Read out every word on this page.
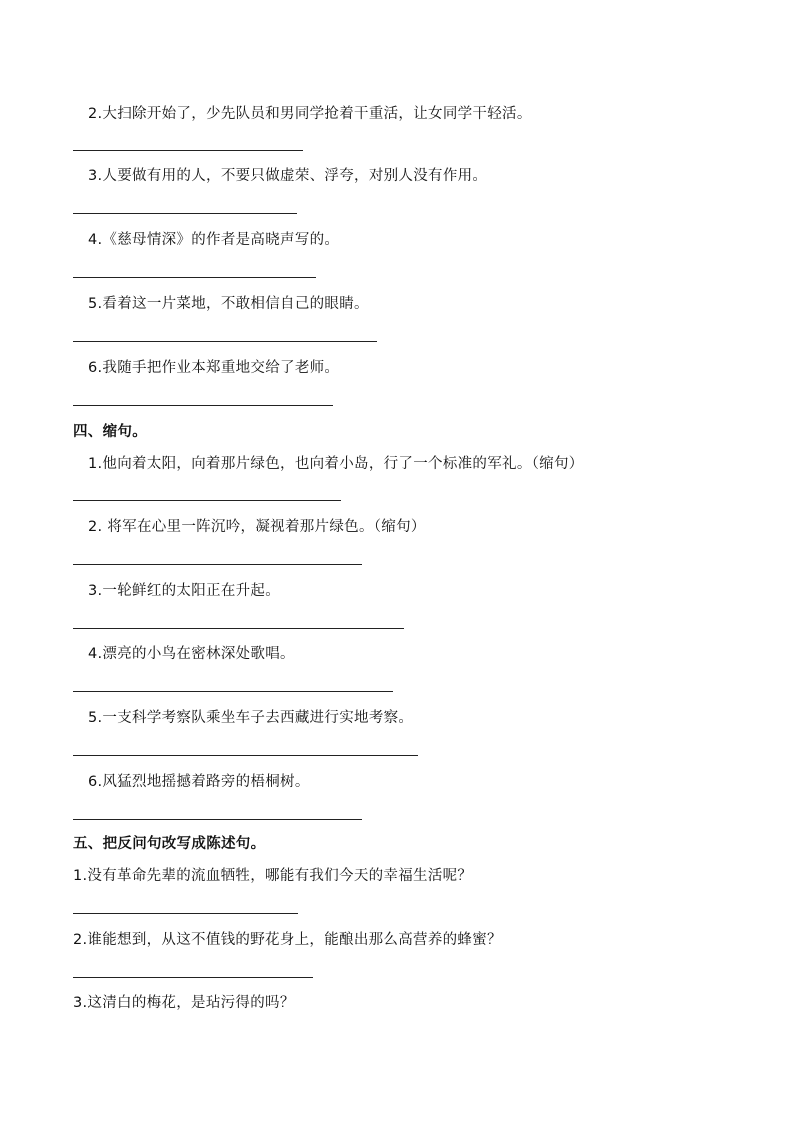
2.大扫除开始了，少先队员和男同学抢着干重活，让女同学干轻活。
3.人要做有用的人，不要只做虚荣、浮夸，对别人没有作用。
4.《慈母情深》的作者是高晓声写的。
5.看着这一片菜地，不敢相信自己的眼睛。
6.我随手把作业本郑重地交给了老师。
四、缩句。
1.他向着太阳，向着那片绿色，也向着小岛，行了一个标准的军礼。（缩句）
2. 将军在心里一阵沉吟，凝视着那片绿色。（缩句）
3.一轮鲜红的太阳正在升起。
4.漂亮的小鸟在密林深处歌唱。
5.一支科学考察队乘坐车子去西藏进行实地考察。
6.风猛烈地摇撼着路旁的梧桐树。
五、把反问句改写成陈述句。
1.没有革命先辈的流血牺牲，哪能有我们今天的幸福生活呢？
2.谁能想到，从这不值钱的野花身上，能酿出那么高营养的蜂蜜？
3.这清白的梅花，是玷污得的吗？
